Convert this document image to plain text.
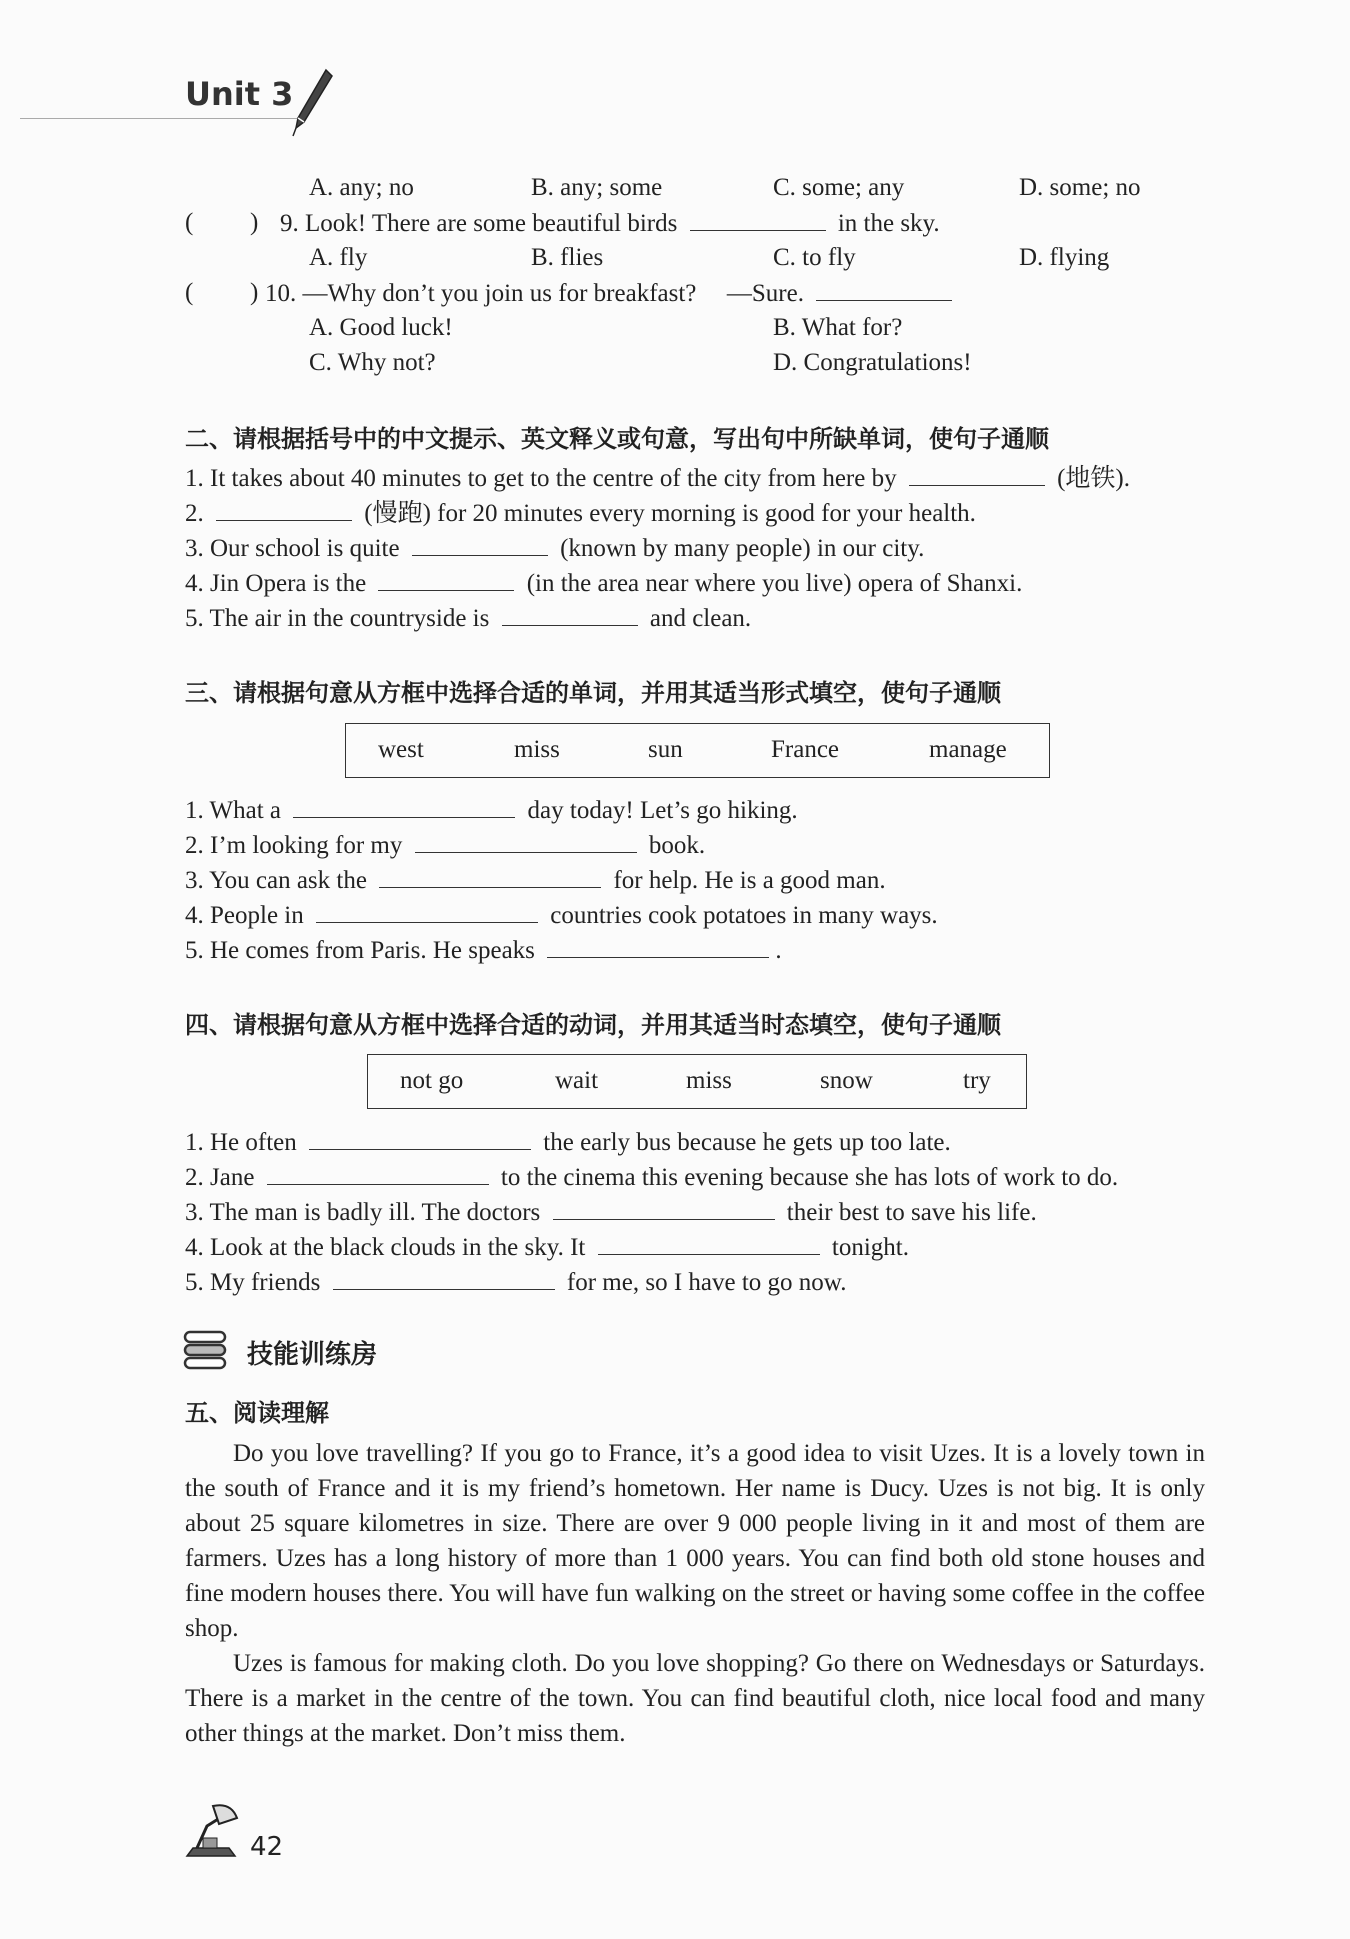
Unit 3
A. any; no	B. any; some	C. some; any	D. some; no
( ) 9. Look! There are some beautiful birds	in the sky.
A. fly	B. flies	C. to fly	D. flying
( ) 10. —Why don’t you join us for breakfast? —Sure.
A. Good luck!	B. What for?
C. Why not?	D. Congratulations!
二、请根据括号中的中文提示、英文释义或句意，写出句中所缺单词，使句子通顺
1. It takes about 40 minutes to get to the centre of the city from here by	(地铁).
2.	(慢跑) for 20 minutes every morning is good for your health.
3. Our school is quite	(known by many people) in our city.
4. Jin Opera is the	(in the area near where you live) opera of Shanxi.
5. The air in the countryside is	and clean.
三、请根据句意从方框中选择合适的单词，并用其适当形式填空，使句子通顺
west	miss	sun	France	manage
1. What a	day today! Let’s go hiking.
2. I’m looking for my	book.
3. You can ask the	for help. He is a good man.
4. People in	countries cook potatoes in many ways.
5. He comes from Paris. He speaks	.
四、请根据句意从方框中选择合适的动词，并用其适当时态填空，使句子通顺
not go	wait	miss	snow	try
1. He often	the early bus because he gets up too late.
2. Jane	to the cinema this evening because she has lots of work to do.
3. The man is badly ill. The doctors	their best to save his life.
4. Look at the black clouds in the sky. It	tonight.
5. My friends	for me, so I have to go now.
技能训练房
五、阅读理解

Do you love travelling? If you go to France, it’s a good idea to visit Uzes. It is a lovely town in the south of France and it is my friend’s hometown. Her name is Ducy. Uzes is not big. It is only about 25 square kilometres in size. There are over 9 000 people living in it and most of them are farmers. Uzes has a long history of more than 1 000 years. You can find both old stone houses and fine modern houses there. You will have fun walking on the street or having some coffee in the coffee shop.

Uzes is famous for making cloth. Do you love shopping? Go there on Wednesdays or Saturdays. There is a market in the centre of the town. You can find beautiful cloth, nice local food and many other things at the market. Don’t miss them.

42
